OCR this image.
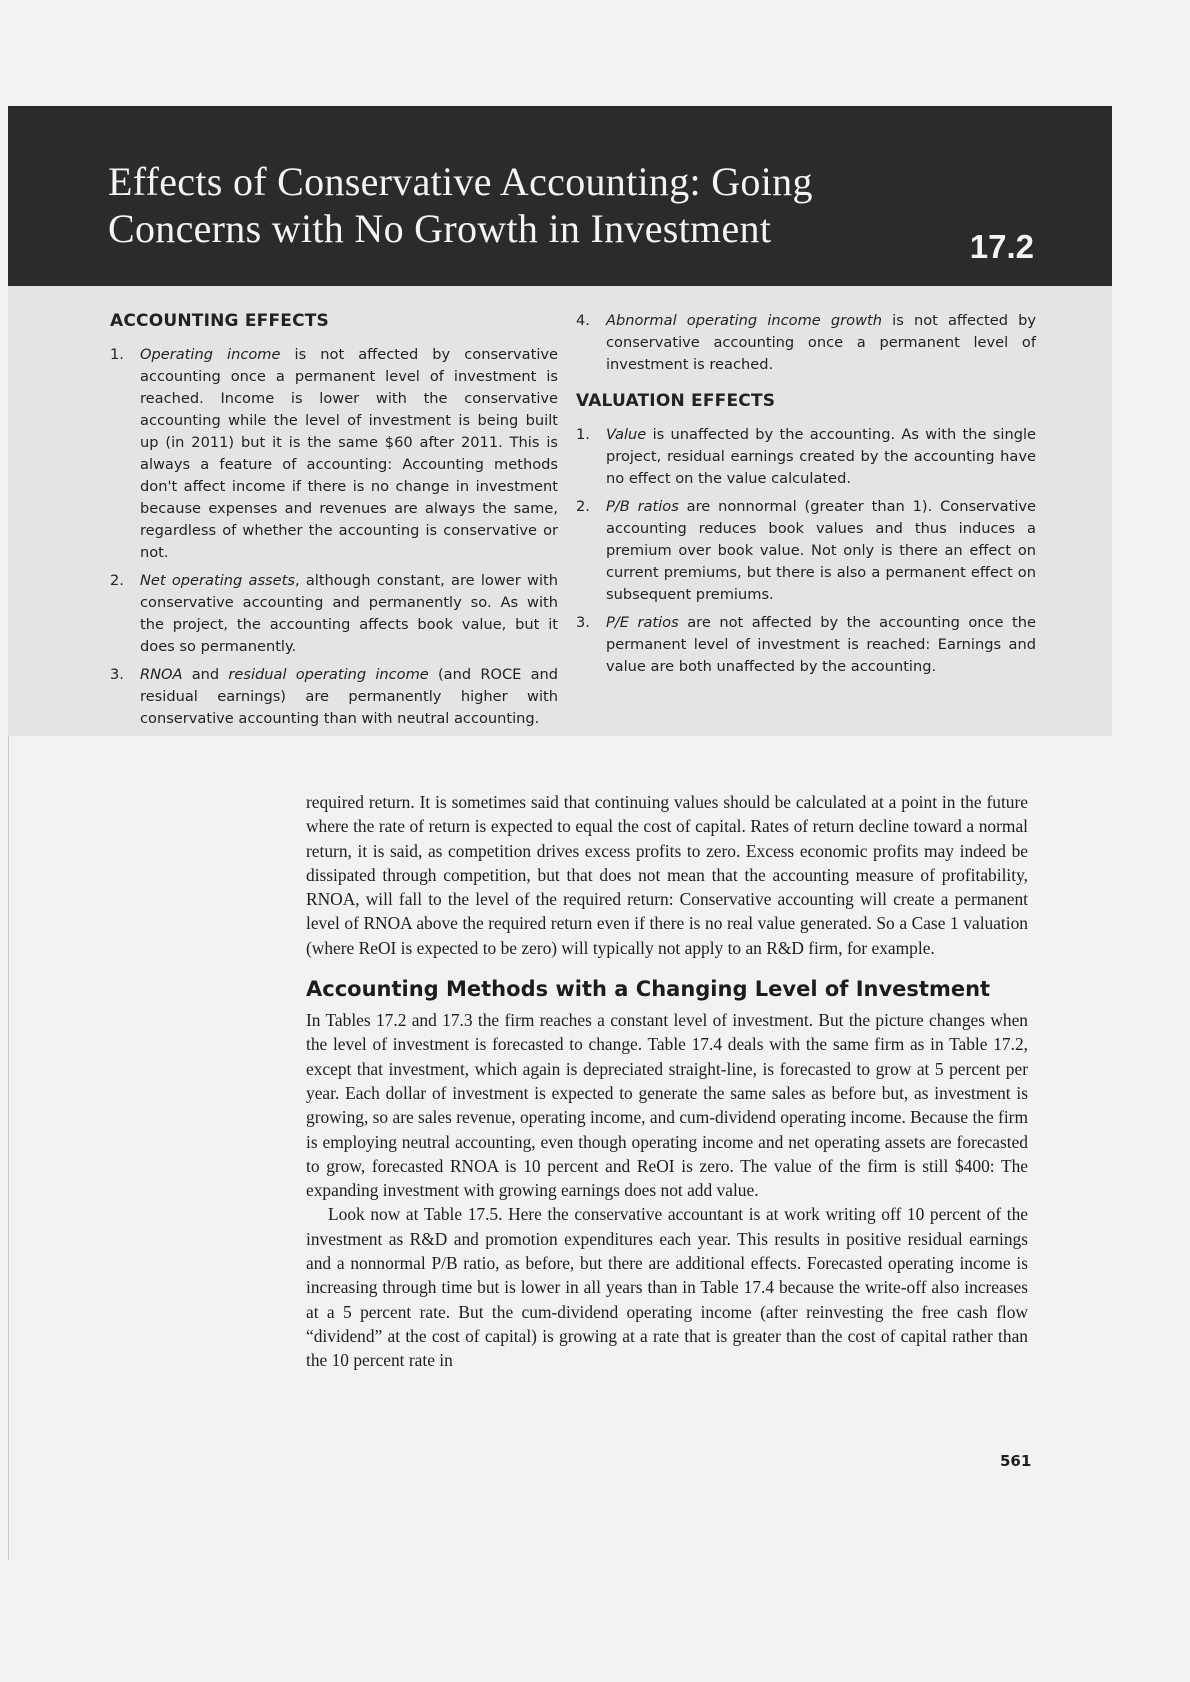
Effects of Conservative Accounting: Going
Concerns with No Growth in Investment	17.2
ACCOUNTING EFFECTS
1. Operating income is not affected by conservative accounting once a permanent level of investment is reached. Income is lower with the conservative accounting while the level of investment is being built up (in 2011) but it is the same $60 after 2011. This is always a feature of accounting: Accounting methods don't affect income if there is no change in investment because expenses and revenues are always the same, regardless of whether the accounting is conservative or not.
2. Net operating assets, although constant, are lower with conservative accounting and permanently so. As with the project, the accounting affects book value, but it does so permanently.
3. RNOA and residual operating income (and ROCE and residual earnings) are permanently higher with conservative accounting than with neutral accounting.
4. Abnormal operating income growth is not affected by conservative accounting once a permanent level of investment is reached.
VALUATION EFFECTS
1. Value is unaffected by the accounting. As with the single project, residual earnings created by the accounting have no effect on the value calculated.
2. P/B ratios are nonnormal (greater than 1). Conservative accounting reduces book values and thus induces a premium over book value. Not only is there an effect on current premiums, but there is also a permanent effect on subsequent premiums.
3. P/E ratios are not affected by the accounting once the permanent level of investment is reached: Earnings and value are both unaffected by the accounting.

required return. It is sometimes said that continuing values should be calculated at a point in the future where the rate of return is expected to equal the cost of capital. Rates of return decline toward a normal return, it is said, as competition drives excess profits to zero. Excess economic profits may indeed be dissipated through competition, but that does not mean that the accounting measure of profitability, RNOA, will fall to the level of the required return: Conservative accounting will create a permanent level of RNOA above the required return even if there is no real value generated. So a Case 1 valuation (where ReOI is expected to be zero) will typically not apply to an R&D firm, for example.

Accounting Methods with a Changing Level of Investment

In Tables 17.2 and 17.3 the firm reaches a constant level of investment. But the picture changes when the level of investment is forecasted to change. Table 17.4 deals with the same firm as in Table 17.2, except that investment, which again is depreciated straight-line, is forecasted to grow at 5 percent per year. Each dollar of investment is expected to generate the same sales as before but, as investment is growing, so are sales revenue, operating income, and cum-dividend operating income. Because the firm is employing neutral accounting, even though operating income and net operating assets are forecasted to grow, forecasted RNOA is 10 percent and ReOI is zero. The value of the firm is still $400: The expanding investment with growing earnings does not add value.

Look now at Table 17.5. Here the conservative accountant is at work writing off 10 percent of the investment as R&D and promotion expenditures each year. This results in positive residual earnings and a nonnormal P/B ratio, as before, but there are additional effects. Forecasted operating income is increasing through time but is lower in all years than in Table 17.4 because the write-off also increases at a 5 percent rate. But the cum-dividend operating income (after reinvesting the free cash flow “dividend” at the cost of capital) is growing at a rate that is greater than the cost of capital rather than the 10 percent rate in

561
